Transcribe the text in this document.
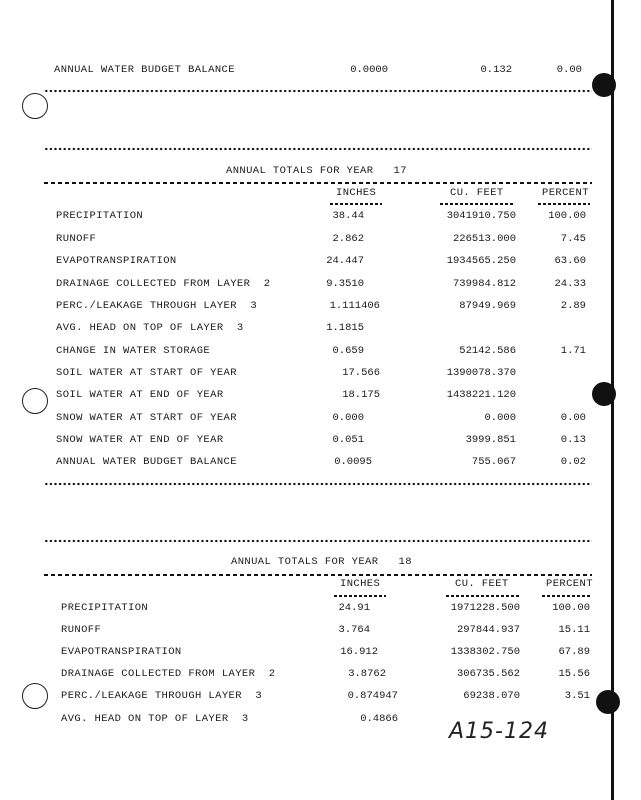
ANNUAL WATER BUDGET BALANCE	0.0000	0.132	0.00
ANNUAL TOTALS FOR YEAR   17
INCHES	CU. FEET	PERCENT
PRECIPITATION	38.44	3041910.750	100.00
RUNOFF	2.862	226513.000	7.45
EVAPOTRANSPIRATION	24.447	1934565.250	63.60
DRAINAGE COLLECTED FROM LAYER  2	9.3510	739984.812	24.33
PERC./LEAKAGE THROUGH LAYER  3	1.111406	87949.969	2.89
AVG. HEAD ON TOP OF LAYER  3	1.1815
CHANGE IN WATER STORAGE	0.659	52142.586	1.71
SOIL WATER AT START OF YEAR	17.566	1390078.370
SOIL WATER AT END OF YEAR	18.175	1438221.120
SNOW WATER AT START OF YEAR	0.000	0.000	0.00
SNOW WATER AT END OF YEAR	0.051	3999.851	0.13
ANNUAL WATER BUDGET BALANCE	0.0095	755.067	0.02
ANNUAL TOTALS FOR YEAR   18
INCHES	CU. FEET	PERCENT
PRECIPITATION	24.91	1971228.500	100.00
RUNOFF	3.764	297844.937	15.11
EVAPOTRANSPIRATION	16.912	1338302.750	67.89
DRAINAGE COLLECTED FROM LAYER  2	3.8762	306735.562	15.56
PERC./LEAKAGE THROUGH LAYER  3	0.874947	69238.070	3.51
AVG. HEAD ON TOP OF LAYER  3	0.4866 A15-124
